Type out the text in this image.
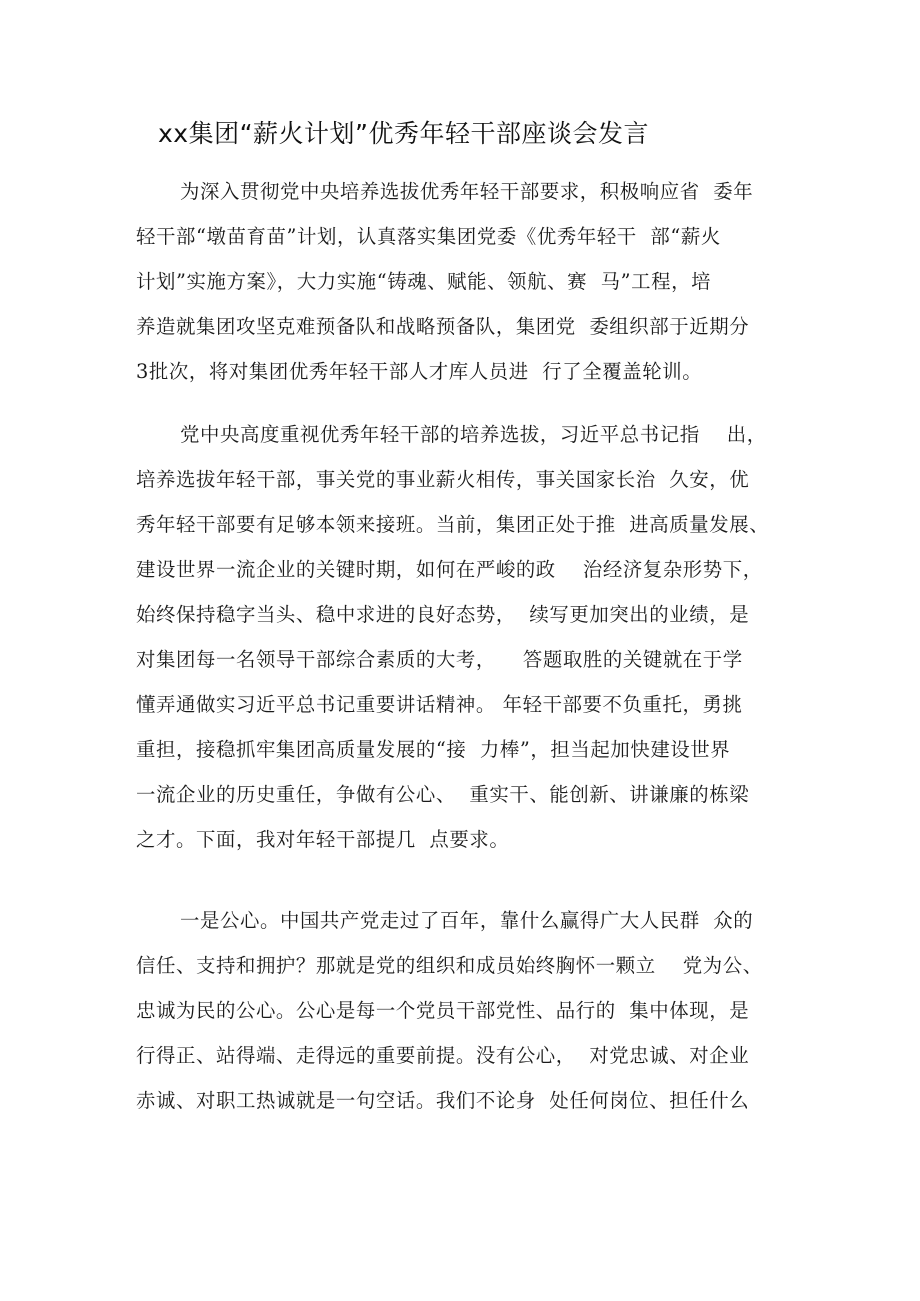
xx集团“薪火计划”优秀年轻干部座谈会发言
为深入贯彻党中央培养选拔优秀年轻干部要求，积极响应省  委年
轻干部“墩苗育苗”计划，认真落实集团党委《优秀年轻干  部“薪火
计划”实施方案》，大力实施“铸魂、赋能、领航、赛  马”工程，培
养造就集团攻坚克难预备队和战略预备队，集团党  委组织部于近期分
3批次，将对集团优秀年轻干部人才库人员进  行了全覆盖轮训。
党中央高度重视优秀年轻干部的培养选拔，习近平总书记指    出，
培养选拔年轻干部，事关党的事业薪火相传，事关国家长治  久安，优
秀年轻干部要有足够本领来接班。当前，集团正处于推  进高质量发展、
建设世界一流企业的关键时期，如何在严峻的政    治经济复杂形势下，
始终保持稳字当头、稳中求进的良好态势，  续写更加突出的业绩，是
对集团每一名领导干部综合素质的大考，    答题取胜的关键就在于学
懂弄通做实习近平总书记重要讲话精神。 年轻干部要不负重托，勇挑
重担，接稳抓牢集团高质量发展的“接  力棒”，担当起加快建设世界
一流企业的历史重任，争做有公心、  重实干、能创新、讲谦廉的栋梁
之才。下面，我对年轻干部提几  点要求。
一是公心。中国共产党走过了百年，靠什么赢得广大人民群  众的
信任、支持和拥护？那就是党的组织和成员始终胸怀一颗立    党为公、
忠诚为民的公心。公心是每一个党员干部党性、品行的  集中体现，是
行得正、站得端、走得远的重要前提。没有公心，  对党忠诚、对企业
赤诚、对职工热诚就是一句空话。我们不论身  处任何岗位、担任什么
